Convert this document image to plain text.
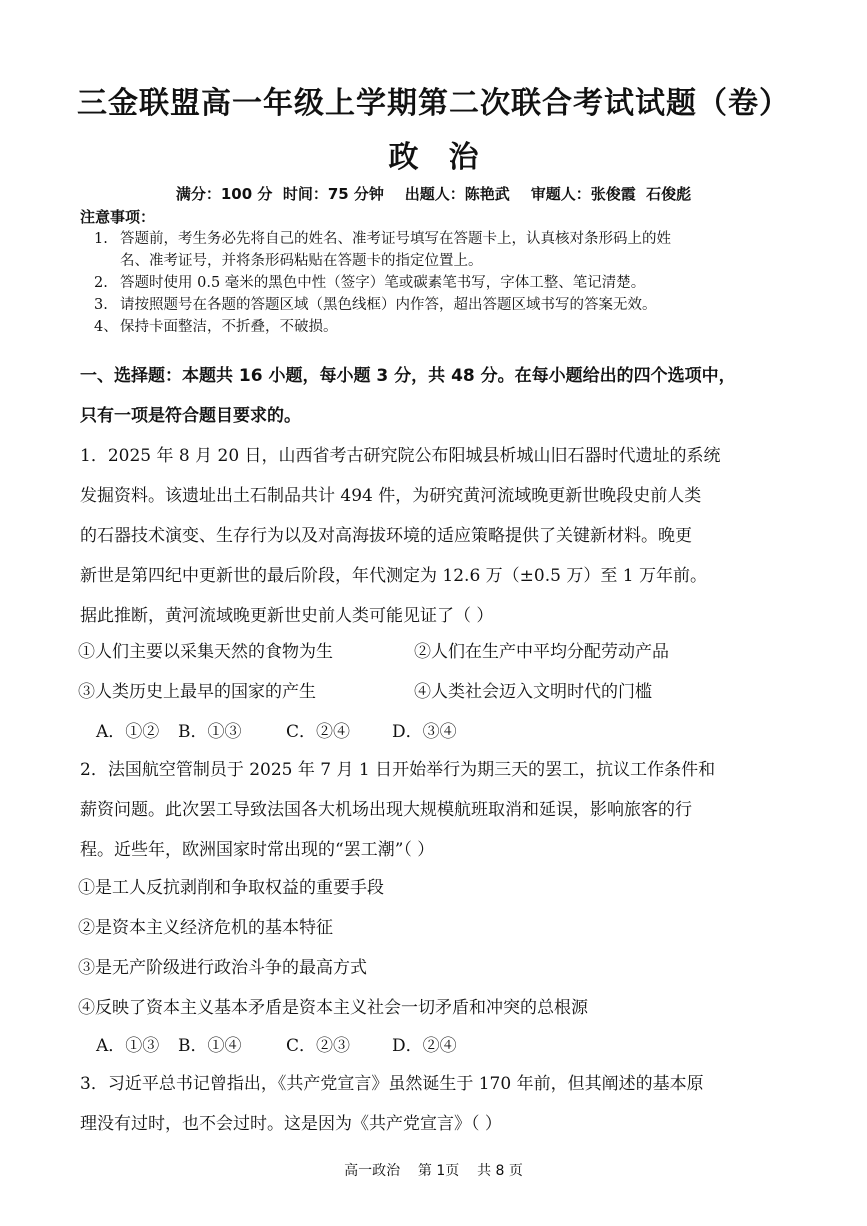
三金联盟高一年级上学期第二次联合考试试题（卷）
政治
满分：100 分  时间：75 分钟    出题人：陈艳武    审题人：张俊霞  石俊彪
注意事项：
1. 答题前，考生务必先将自己的姓名、准考证号填写在答题卡上，认真核对条形码上的姓
名、准考证号，并将条形码粘贴在答题卡的指定位置上。
2. 答题时使用 0.5 毫米的黑色中性（签字）笔或碳素笔书写，字体工整、笔记清楚。
3. 请按照题号在各题的答题区域（黑色线框）内作答，超出答题区域书写的答案无效。
4、 保持卡面整洁，不折叠，不破损。
一、选择题：本题共 16 小题，每小题 3 分，共 48 分。在每小题给出的四个选项中，
只有一项是符合题目要求的。
1．2025 年 8 月 20 日，山西省考古研究院公布阳城县析城山旧石器时代遗址的系统
发掘资料。该遗址出土石制品共计 494 件，为研究黄河流域晚更新世晚段史前人类
的石器技术演变、生存行为以及对高海拔环境的适应策略提供了关键新材料。晚更
新世是第四纪中更新世的最后阶段，年代测定为 12.6 万（±0.5 万）至 1 万年前。
据此推断，黄河流域晚更新世史前人类可能见证了（ ）
①人们主要以采集天然的食物为生	②人们在生产中平均分配劳动产品
③人类历史上最早的国家的产生	④人类社会迈入文明时代的门槛
A．①② B．①③	C．②④ D．③④
2．法国航空管制员于 2025 年 7 月 1 日开始举行为期三天的罢工，抗议工作条件和
薪资问题。此次罢工导致法国各大机场出现大规模航班取消和延误，影响旅客的行
程。近些年，欧洲国家时常出现的“罢工潮”（ ）
①是工人反抗剥削和争取权益的重要手段
②是资本主义经济危机的基本特征
③是无产阶级进行政治斗争的最高方式
④反映了资本主义基本矛盾是资本主义社会一切矛盾和冲突的总根源
A．①③ B．①④	C．②③ D．②④
3．习近平总书记曾指出，《共产党宣言》虽然诞生于 170 年前，但其阐述的基本原
理没有过时，也不会过时。这是因为《共产党宣言》（ ）
高一政治    第 1页    共 8 页
